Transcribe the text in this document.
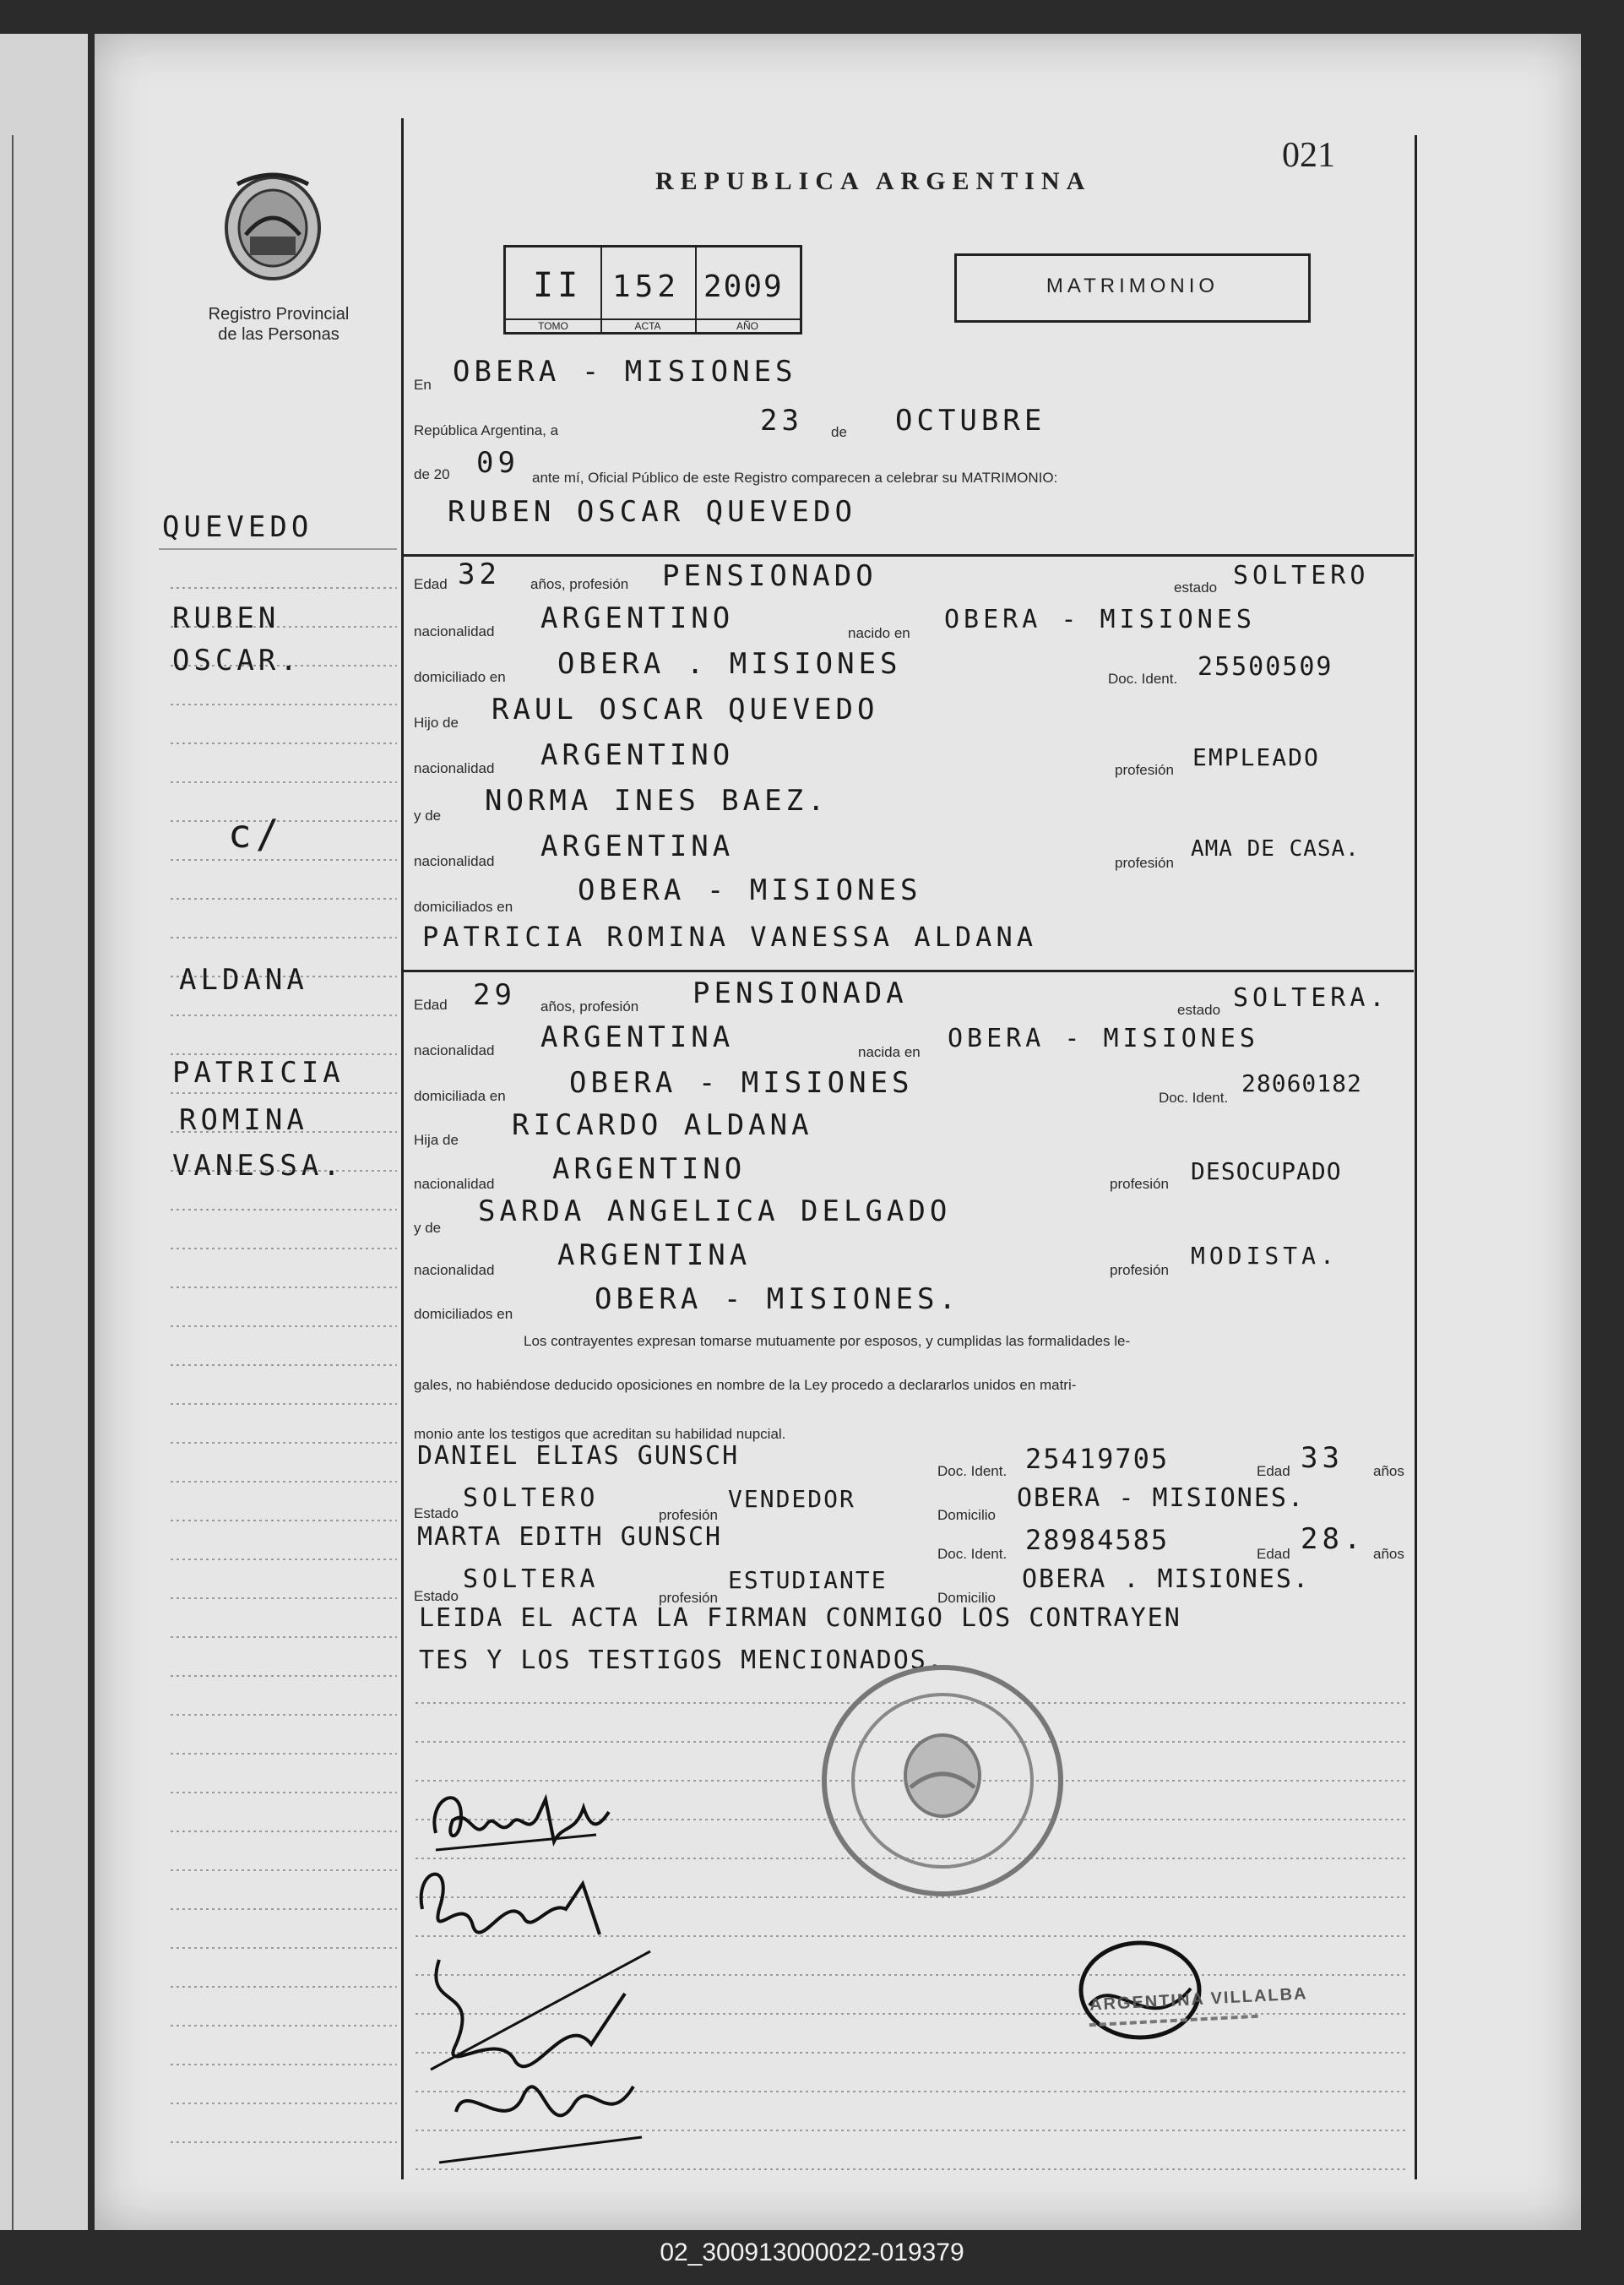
021
REPUBLICA ARGENTINA
Registro Provincial
de las Personas
II
TOMO
152
ACTA
2009
AÑO
MATRIMONIO
QUEVEDO
RUBEN
OSCAR.
c/
ALDANA
PATRICIA
ROMINA
VANESSA.
En OBERA - MISIONES
República Argentina, a	23 de OCTUBRE
de 20 09 ante mí, Oficial Público de este Registro comparecen a celebrar su MATRIMONIO:
RUBEN OSCAR QUEVEDO
Edad 32 años, profesión PENSIONADO	estado SOLTERO
nacionalidad ARGENTINO	nacido en OBERA - MISIONES
domiciliado en OBERA . MISIONES	Doc. Ident. 25500509
Hijo de RAUL OSCAR QUEVEDO
nacionalidad ARGENTINO	profesión EMPLEADO
y de NORMA INES BAEZ.
nacionalidad ARGENTINA	profesión
AMA DE CASA.
domiciliados en OBERA - MISIONES
PATRICIA ROMINA VANESSA ALDANA
Edad 29 años, profesión PENSIONADA	estado SOLTERA.
nacionalidad ARGENTINA	nacida en OBERA - MISIONES
domiciliada en OBERA - MISIONES	Doc. Ident.
28060182
Hija de RICARDO ALDANA
nacionalidad ARGENTINO	profesión DESOCUPADO
y de SARDA ANGELICA DELGADO
nacionalidad ARGENTINA	profesión
MODISTA.
domiciliados en	OBERA - MISIONES.
Los contrayentes expresan tomarse mutuamente por esposos, y cumplidas las formalidades le-
gales, no habiéndose deducido oposiciones en nombre de la Ley procedo a declararlos unidos en matri-
monio ante los testigos que acreditan su habilidad nupcial.
DANIEL ELIAS GUNSCH
Doc. Ident. 25419705	Edad 33 años
Estado
SOLTERO
profesión
VENDEDOR
Domicilio
OBERA - MISIONES.
MARTA EDITH GUNSCH
Doc. Ident. 28984585	Edad 28. años
Estado
SOLTERA
profesión
ESTUDIANTE
Domicilio
OBERA . MISIONES.
LEIDA EL ACTA LA FIRMAN CONMIGO LOS CONTRAYEN
TES Y LOS TESTIGOS MENCIONADOS.
ARGENTINA VILLALBA
02_300913000022-019379
